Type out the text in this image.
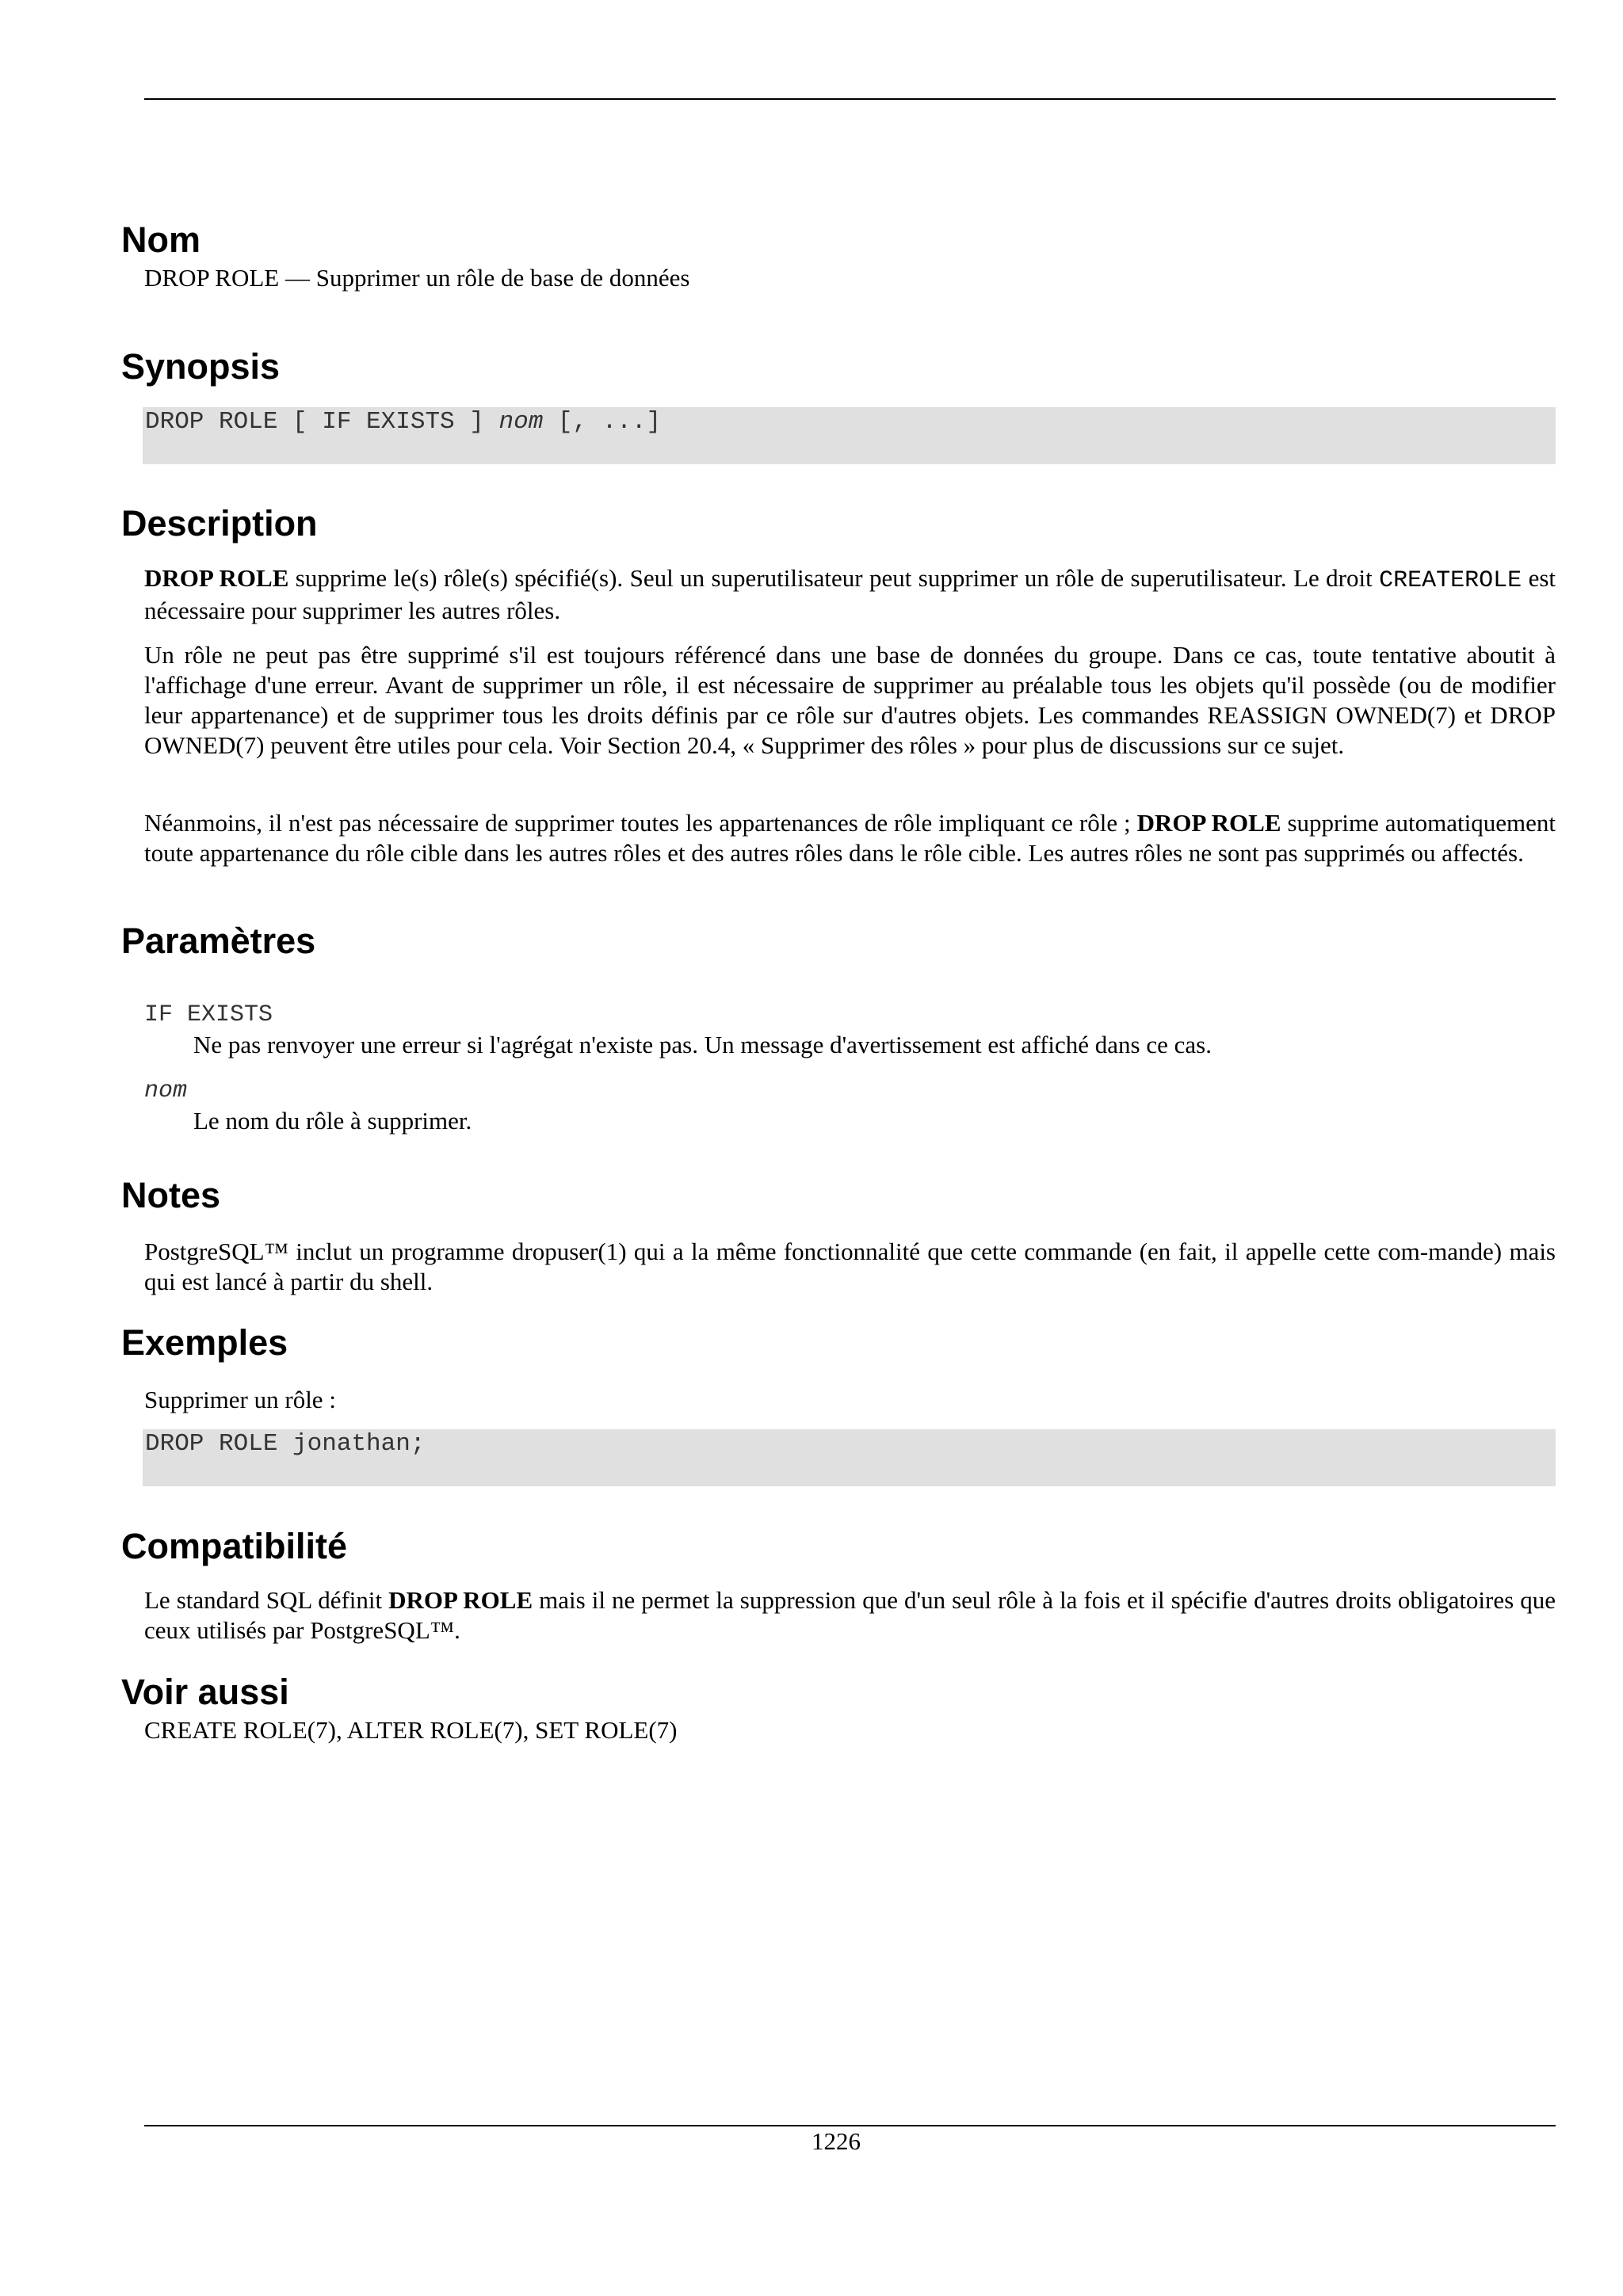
Nom

DROP ROLE — Supprimer un rôle de base de données

Synopsis
DROP ROLE [ IF EXISTS ] nom [, ...]
Description

DROP ROLE supprime le(s) rôle(s) spécifié(s). Seul un superutilisateur peut supprimer un rôle de superutilisateur. Le droit CREATEROLE est nécessaire pour supprimer les autres rôles.

Un rôle ne peut pas être supprimé s'il est toujours référencé dans une base de données du groupe. Dans ce cas, toute tentative aboutit à l'affichage d'une erreur. Avant de supprimer un rôle, il est nécessaire de supprimer au préalable tous les objets qu'il possède (ou de modifier leur appartenance) et de supprimer tous les droits définis par ce rôle sur d'autres objets. Les commandes REASSIGN OWNED(7) et DROP OWNED(7) peuvent être utiles pour cela. Voir Section 20.4, « Supprimer des rôles » pour plus de discussions sur ce sujet.

Néanmoins, il n'est pas nécessaire de supprimer toutes les appartenances de rôle impliquant ce rôle ; DROP ROLE supprime automatiquement toute appartenance du rôle cible dans les autres rôles et des autres rôles dans le rôle cible. Les autres rôles ne sont pas supprimés ou affectés.

Paramètres

IF EXISTS

Ne pas renvoyer une erreur si l'agrégat n'existe pas. Un message d'avertissement est affiché dans ce cas.

nom

Le nom du rôle à supprimer.

Notes

PostgreSQL™ inclut un programme dropuser(1) qui a la même fonctionnalité que cette commande (en fait, il appelle cette com-mande) mais qui est lancé à partir du shell.

Exemples

Supprimer un rôle :

DROP ROLE jonathan;
Compatibilité

Le standard SQL définit DROP ROLE mais il ne permet la suppression que d'un seul rôle à la fois et il spécifie d'autres droits obligatoires que ceux utilisés par PostgreSQL™.

Voir aussi

CREATE ROLE(7), ALTER ROLE(7), SET ROLE(7)

1226
